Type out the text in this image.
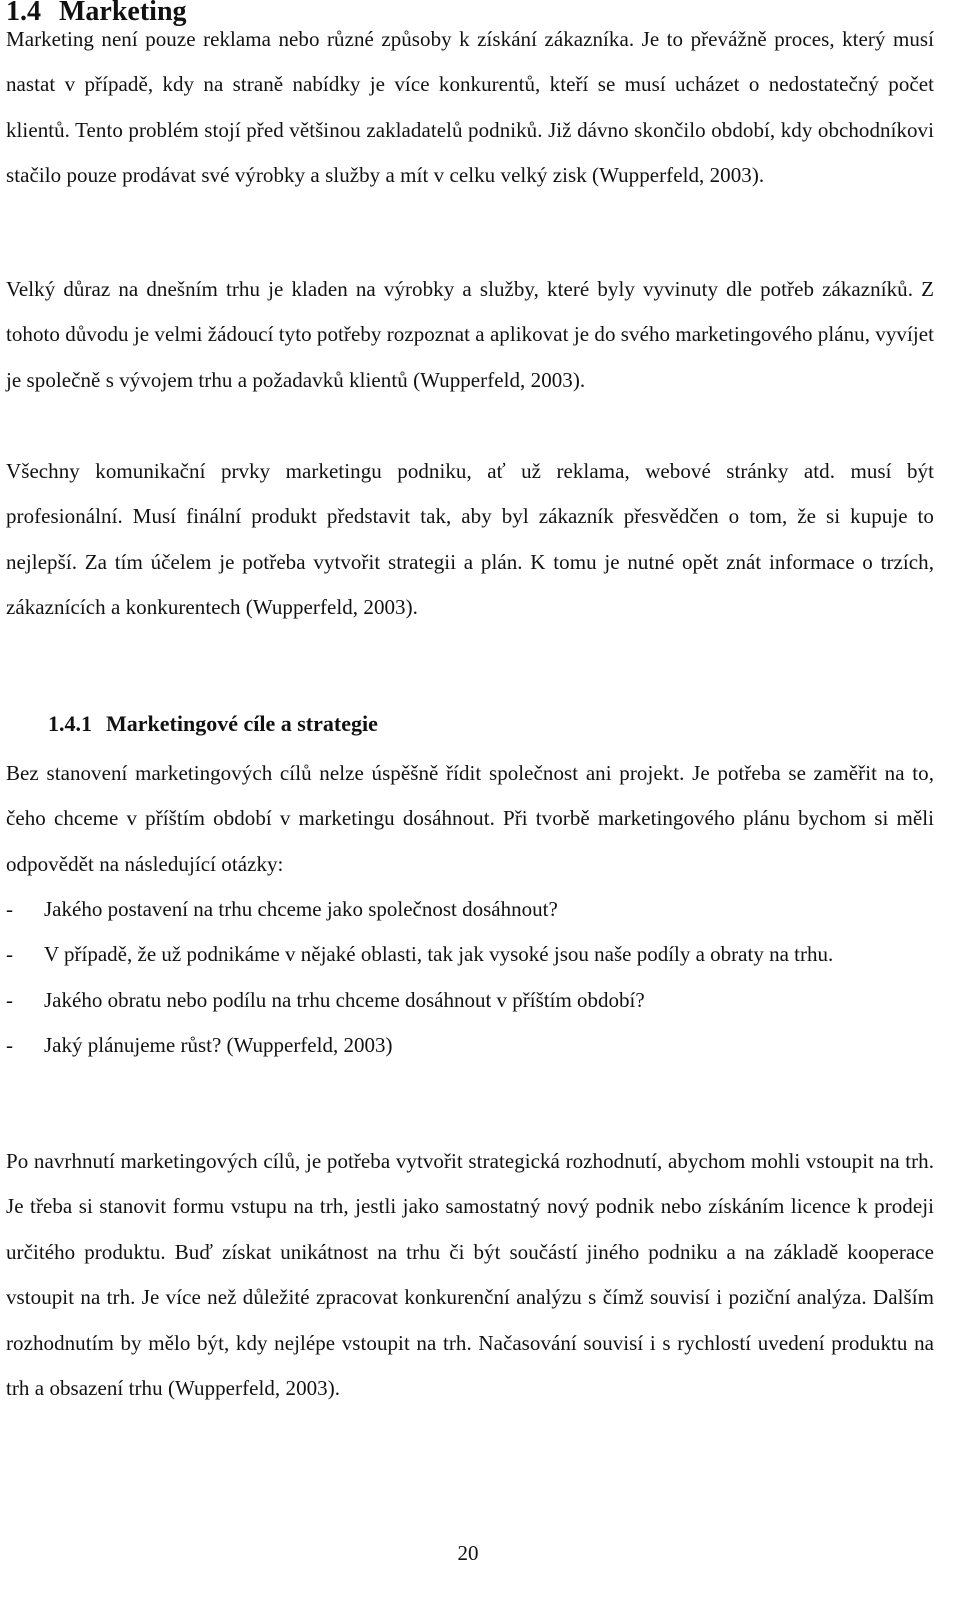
1.4 Marketing

Marketing není pouze reklama nebo různé způsoby k získání zákazníka. Je to převážně proces, který musí nastat v případě, kdy na straně nabídky je více konkurentů, kteří se musí ucházet o nedostatečný počet klientů. Tento problém stojí před většinou zakladatelů podniků. Již dávno skončilo období, kdy obchodníkovi stačilo pouze prodávat své výrobky a služby a mít v celku velký zisk (Wupperfeld, 2003).

Velký důraz na dnešním trhu je kladen na výrobky a služby, které byly vyvinuty dle potřeb zákazníků. Z tohoto důvodu je velmi žádoucí tyto potřeby rozpoznat a aplikovat je do svého marketingového plánu, vyvíjet je společně s vývojem trhu a požadavků klientů (Wupperfeld, 2003).

Všechny komunikační prvky marketingu podniku, ať už reklama, webové stránky atd. musí být profesionální. Musí finální produkt představit tak, aby byl zákazník přesvědčen o tom, že si kupuje to nejlepší. Za tím účelem je potřeba vytvořit strategii a plán. K tomu je nutné opět znát informace o trzích, zákaznících a konkurentech (Wupperfeld, 2003).

1.4.1 Marketingové cíle a strategie

Bez stanovení marketingových cílů nelze úspěšně řídit společnost ani projekt. Je potřeba se zaměřit na to, čeho chceme v příštím období v marketingu dosáhnout. Při tvorbě marketingového plánu bychom si měli odpovědět na následující otázky:

- Jakého postavení na trhu chceme jako společnost dosáhnout?
- V případě, že už podnikáme v nějaké oblasti, tak jak vysoké jsou naše podíly a obraty na trhu.
- Jakého obratu nebo podílu na trhu chceme dosáhnout v příštím období?
- Jaký plánujeme růst? (Wupperfeld, 2003)

Po navrhnutí marketingových cílů, je potřeba vytvořit strategická rozhodnutí, abychom mohli vstoupit na trh. Je třeba si stanovit formu vstupu na trh, jestli jako samostatný nový podnik nebo získáním licence k prodeji určitého produktu. Buď získat unikátnost na trhu či být součástí jiného podniku a na základě kooperace vstoupit na trh. Je více než důležité zpracovat konkurenční analýzu s čímž souvisí i poziční analýza. Dalším rozhodnutím by mělo být, kdy nejlépe vstoupit na trh. Načasování souvisí i s rychlostí uvedení produktu na trh a obsazení trhu (Wupperfeld, 2003).

20
